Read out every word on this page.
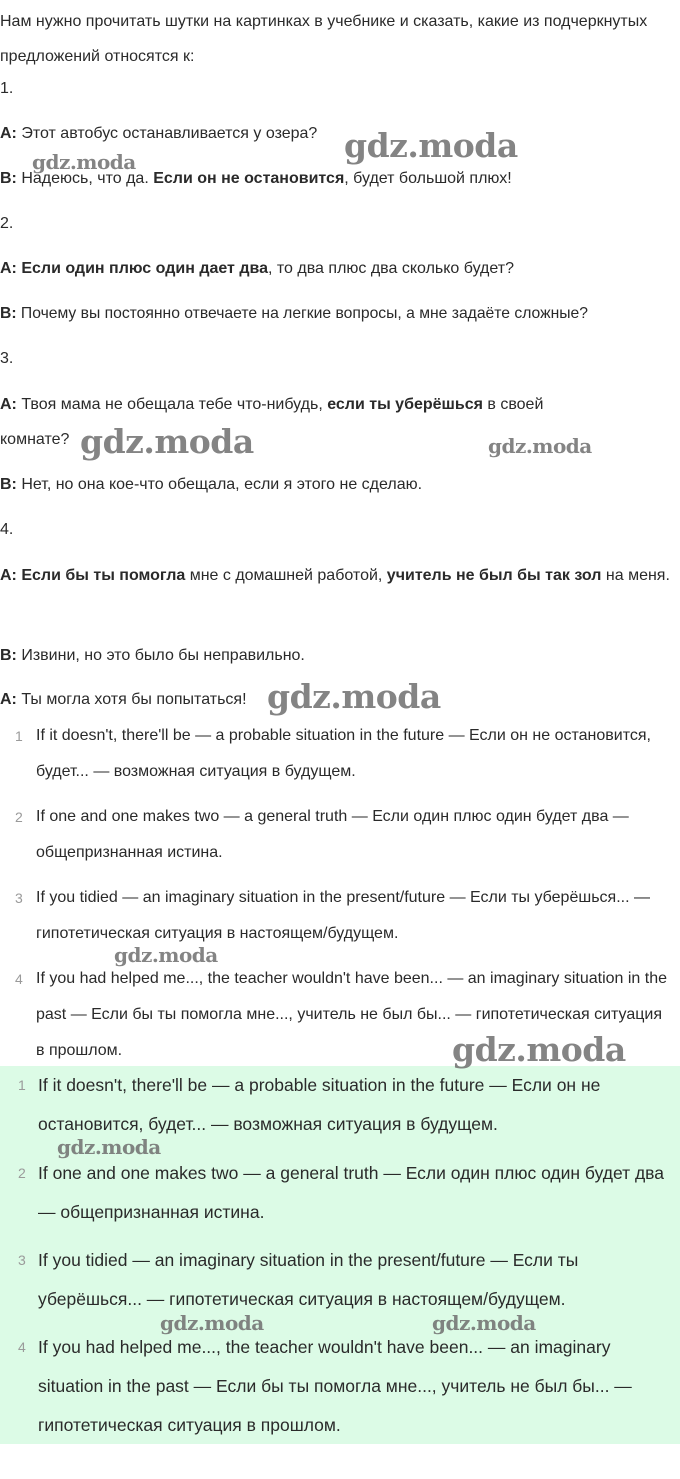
Нам нужно прочитать шутки на картинках в учебнике и сказать, какие из подчеркнутых предложений относятся к:

1.

A: Этот автобус останавливается у озера?

B: Надеюсь, что да. Если он не остановится, будет большой плюх!

2.

A: Если один плюс один дает два, то два плюс два сколько будет?

B: Почему вы постоянно отвечаете на легкие вопросы, а мне задаёте сложные?

3.

A: Твоя мама не обещала тебе что-нибудь, если ты уберёшься в своей комнате?

B: Нет, но она кое-что обещала, если я этого не сделаю.

4.

A: Если бы ты помогла мне с домашней работой, учитель не был бы так зол на меня.

B: Извини, но это было бы неправильно.

A: Ты могла хотя бы попытаться!

1 If it doesn't, there'll be — a probable situation in the future — Если он не остановится, будет... — возможная ситуация в будущем.
2 If one and one makes two — a general truth — Если один плюс один будет два — общепризнанная истина.
3 If you tidied — an imaginary situation in the present/future — Если ты уберёшься... — гипотетическая ситуация в настоящем/будущем.
4 If you had helped me..., the teacher wouldn't have been... — an imaginary situation in the past — Если бы ты помогла мне..., учитель не был бы... — гипотетическая ситуация в прошлом.
1 If it doesn't, there'll be — a probable situation in the future — Если он не остановится, будет... — возможная ситуация в будущем.
2 If one and one makes two — a general truth — Если один плюс один будет два — общепризнанная истина.
3 If you tidied — an imaginary situation in the present/future — Если ты уберёшься... — гипотетическая ситуация в настоящем/будущем.
4 If you had helped me..., the teacher wouldn't have been... — an imaginary situation in the past — Если бы ты помогла мне..., учитель не был бы... — гипотетическая ситуация в прошлом.
gdz.moda
gdz.moda
gdz.moda	gdz.moda
gdz.moda
gdz.moda
gdz.moda
gdz.moda
gdz.moda	gdz.moda
